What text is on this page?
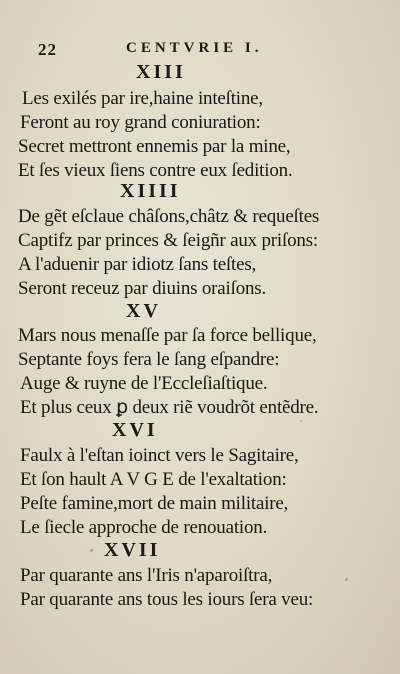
22	CENTVRIE I.
XIII
Les exilés par ire,haine inteſtine,
Feront au roy grand coniuration:
Secret mettront ennemis par la mine,
Et ſes vieux ſiens contre eux ſedition.
XIIII
De gẽt eſclaue châſons,châtz & requeſtes
Captifz par princes & ſeigñr aux priſons:
A l'aduenir par idiotz ſans teſtes,
Seront receuz par diuins oraiſons.
XV
Mars nous menaſſe par ſa force bellique,
Septante foys fera le ſang eſpandre:
Auge & ruyne de l'Eccleſiaſtique.
Et plus ceux ꝑ deux riẽ voudrõt entẽdre.
XVI
Faulx à l'eſtan ioinct vers le Sagitaire,
Et ſon hault A V G E de l'exaltation:
Peſte famine,mort de main militaire,
Le ſiecle approche de renouation.
XVII
Par quarante ans l'Iris n'aparoiſtra,
Par quarante ans tous les iours ſera veu:
